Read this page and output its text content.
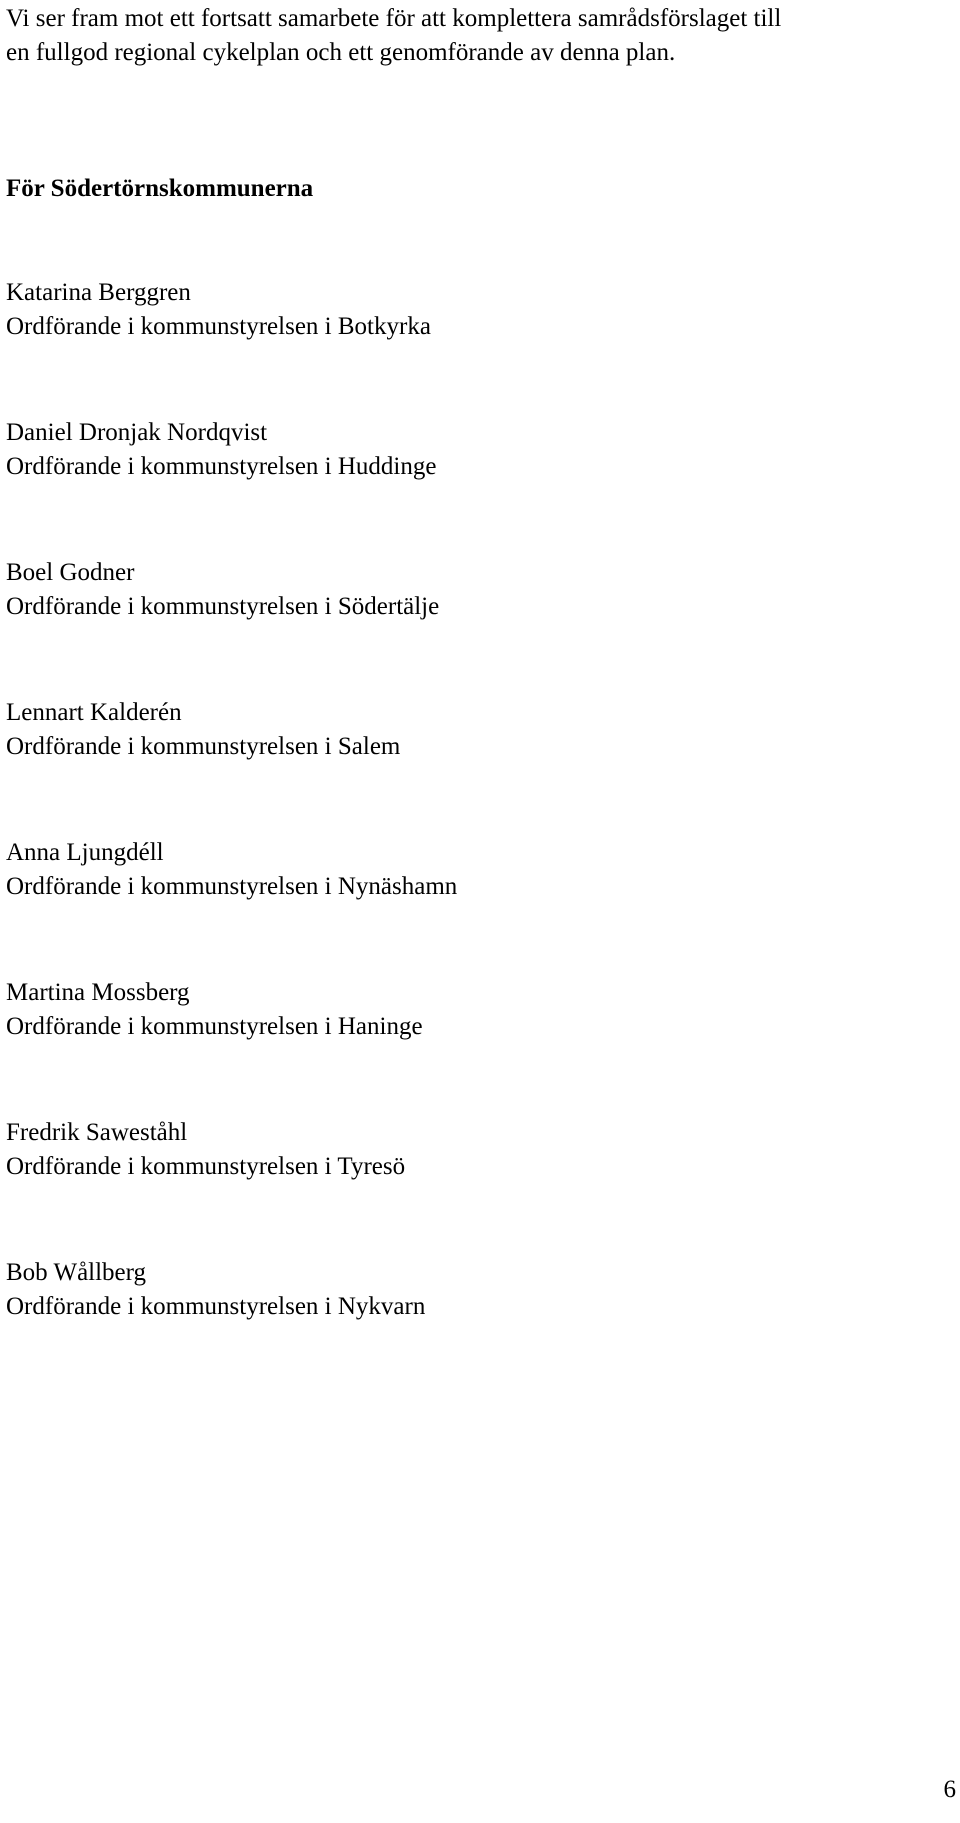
Vi ser fram mot ett fortsatt samarbete för att komplettera samrådsförslaget till
en fullgod regional cykelplan och ett genomförande av denna plan.

För Södertörnskommunerna
Katarina Berggren
Ordförande i kommunstyrelsen i Botkyrka
Daniel Dronjak Nordqvist
Ordförande i kommunstyrelsen i Huddinge
Boel Godner
Ordförande i kommunstyrelsen i Södertälje
Lennart Kalderén
Ordförande i kommunstyrelsen i Salem
Anna Ljungdéll
Ordförande i kommunstyrelsen i Nynäshamn
Martina Mossberg
Ordförande i kommunstyrelsen i Haninge
Fredrik Saweståhl
Ordförande i kommunstyrelsen i Tyresö
Bob Wållberg
Ordförande i kommunstyrelsen i Nykvarn
6
